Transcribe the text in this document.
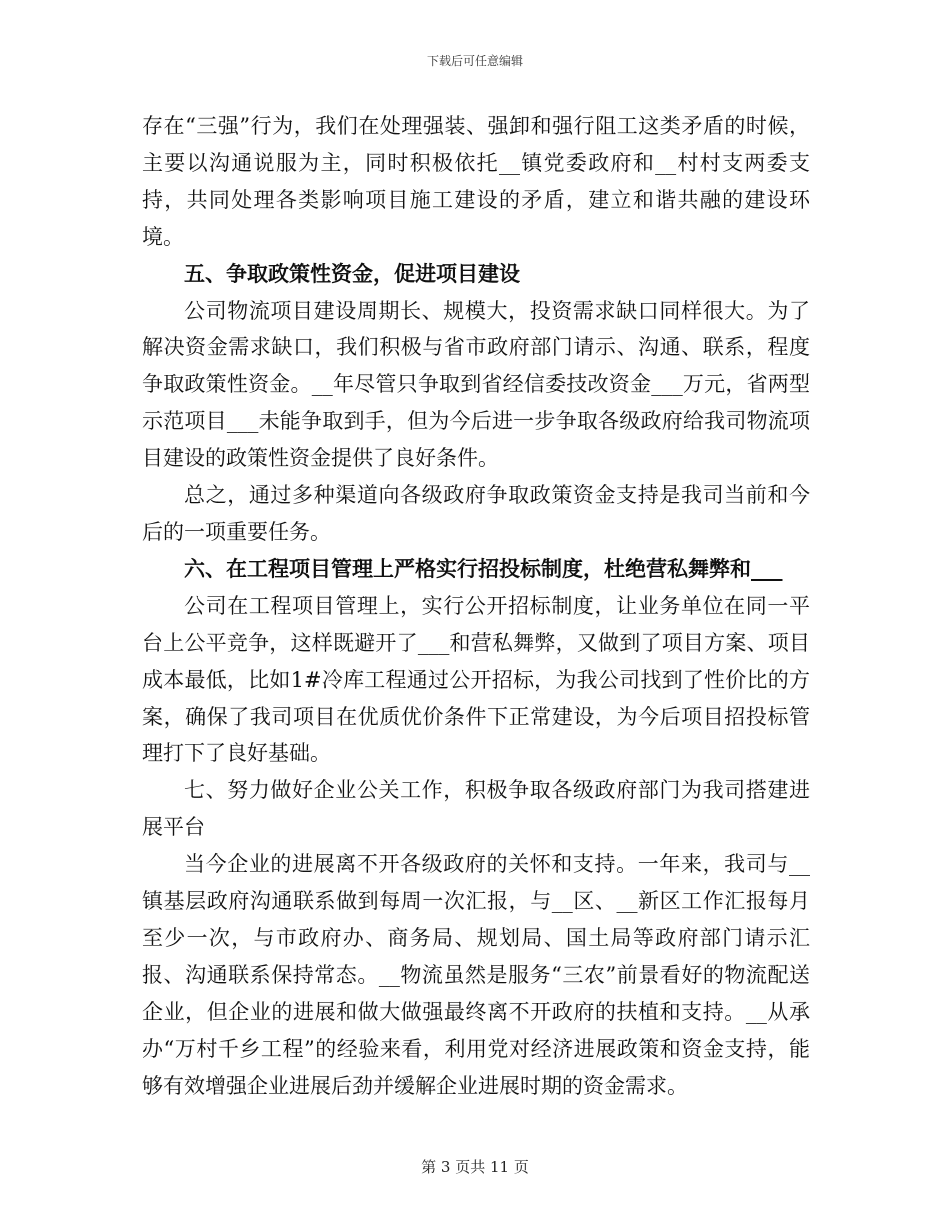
下载后可任意编辑

存在“三强”行为，我们在处理强装、强卸和强行阻工这类矛盾的时候，主要以沟通说服为主，同时积极依托__镇党委政府和__村村支两委支持，共同处理各类影响项目施工建设的矛盾，建立和谐共融的建设环境。

五、争取政策性资金，促进项目建设

公司物流项目建设周期长、规模大，投资需求缺口同样很大。为了解决资金需求缺口，我们积极与省市政府部门请示、沟通、联系，程度争取政策性资金。__年尽管只争取到省经信委技改资金___万元，省两型示范项目___未能争取到手，但为今后进一步争取各级政府给我司物流项目建设的政策性资金提供了良好条件。

总之，通过多种渠道向各级政府争取政策资金支持是我司当前和今后的一项重要任务。

六、在工程项目管理上严格实行招投标制度，杜绝营私舞弊和___

公司在工程项目管理上，实行公开招标制度，让业务单位在同一平台上公平竞争，这样既避开了___和营私舞弊，又做到了项目方案、项目成本最低，比如1#冷库工程通过公开招标，为我公司找到了性价比的方案，确保了我司项目在优质优价条件下正常建设，为今后项目招投标管理打下了良好基础。

七、努力做好企业公关工作，积极争取各级政府部门为我司搭建进展平台

当今企业的进展离不开各级政府的关怀和支持。一年来，我司与__镇基层政府沟通联系做到每周一次汇报，与__区、__新区工作汇报每月至少一次，与市政府办、商务局、规划局、国土局等政府部门请示汇报、沟通联系保持常态。__物流虽然是服务“三农”前景看好的物流配送企业，但企业的进展和做大做强最终离不开政府的扶植和支持。__从承办“万村千乡工程”的经验来看，利用党对经济进展政策和资金支持，能够有效增强企业进展后劲并缓解企业进展时期的资金需求。

第 3 页共 11 页
